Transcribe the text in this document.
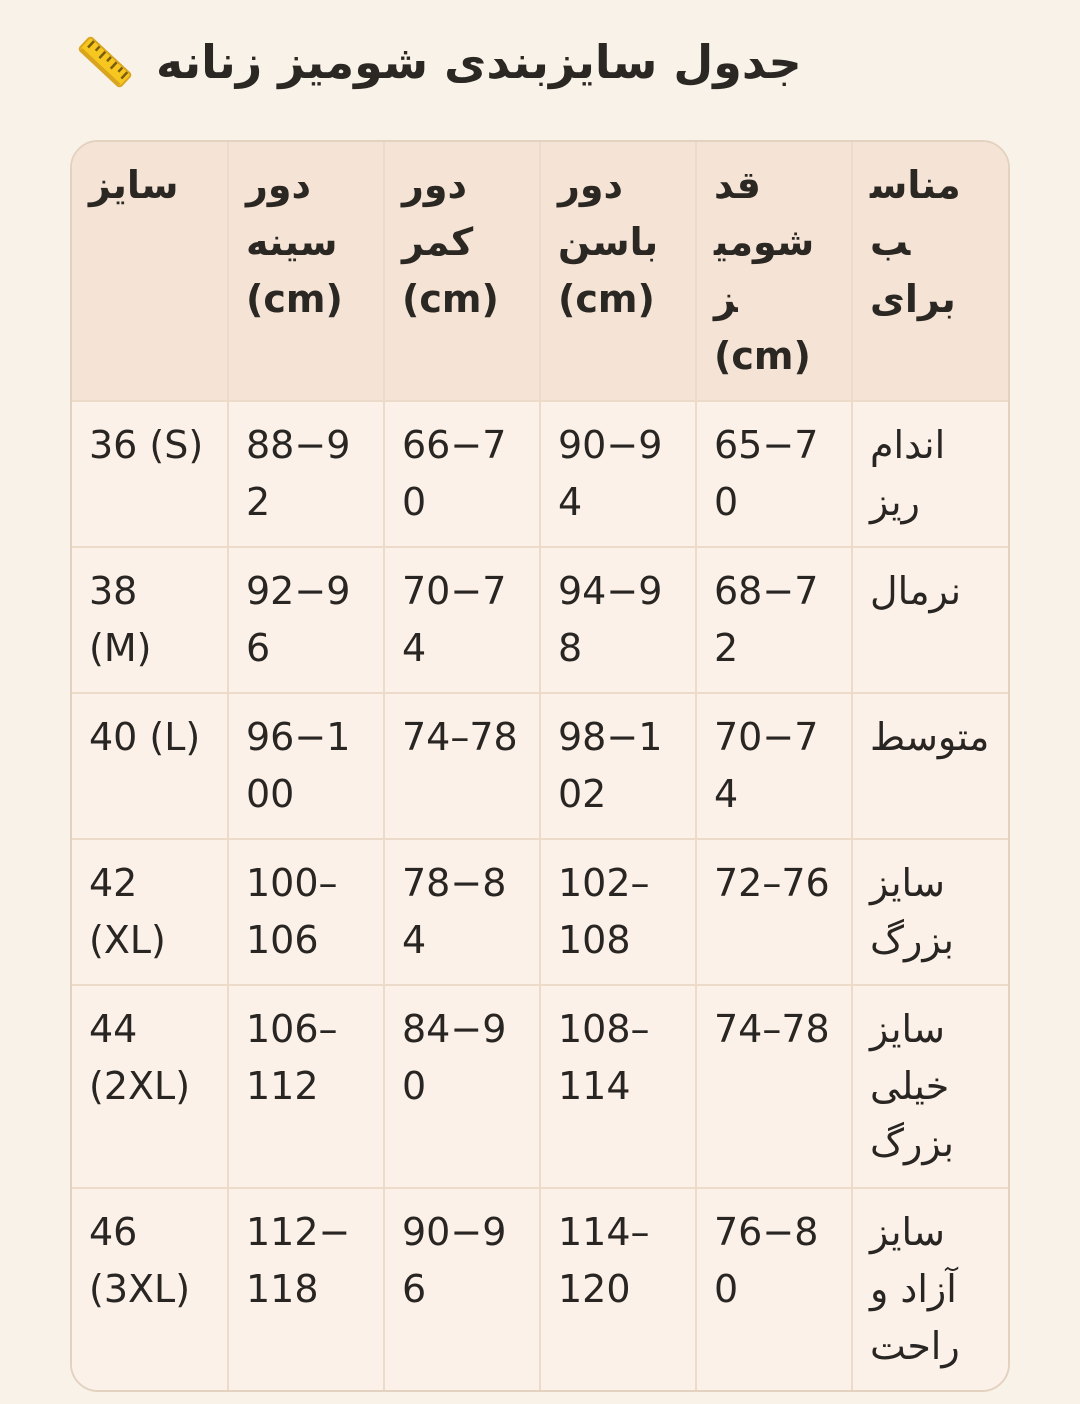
جدول سایزبندی شومیز زنانه
سایز	دور سینه (cm)	دور کمر (cm)	دور باسن (cm)	قد شومیز (cm)	مناسب برای
36 (S)	88−92	66−70	90−94	65−70	اندام ریز
38 (M)	92−96	70−74	94−98	68−72	نرمال
40 (L)	96−100	74–78	98−102	70−74	متوسط
42 (XL)	100–106	78−84	102–108	72–76	سایز بزرگ
44 (2XL)	106–112	84−90	108–114	74–78	سایز خیلی بزرگ
46 (3XL)	112−118	90−96	114–120	76−80	سایز آزاد و راحت
